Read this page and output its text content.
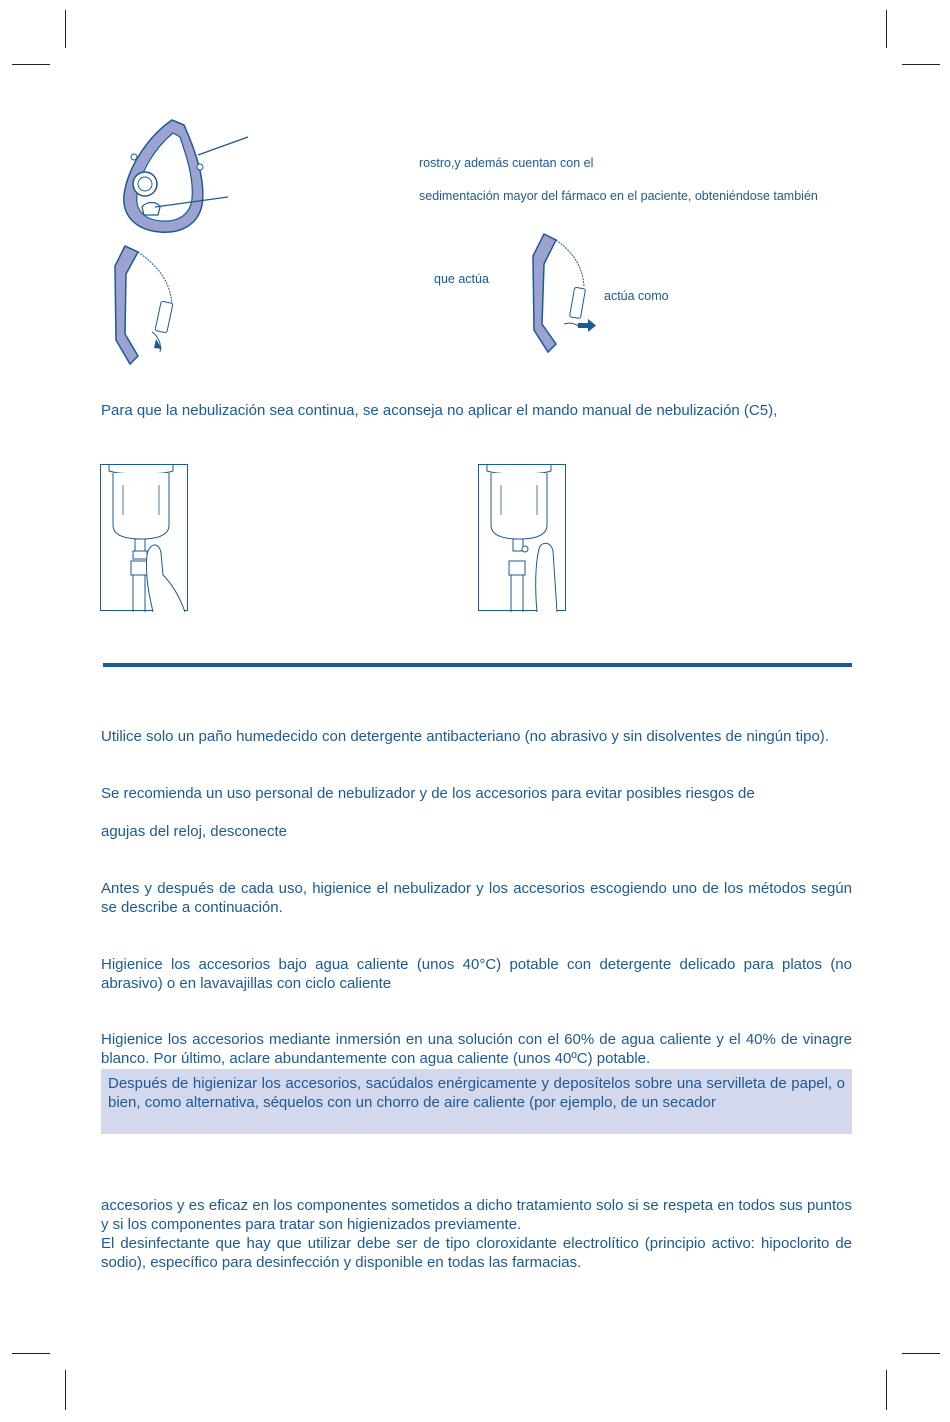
rostro,y además cuentan con el
sedimentación mayor del fármaco en el paciente, obteniéndose también
que actúa
actúa como
Para que la nebulización sea continua, se aconseja no aplicar el mando manual de nebulización (C5),
Utilice solo un paño humedecido con detergente antibacteriano (no abrasivo y sin disolventes de ningún tipo).
Se recomienda un uso personal de nebulizador y de los accesorios para evitar posibles riesgos de
agujas del reloj, desconecte
Antes y después de cada uso, higienice el nebulizador y los accesorios escogiendo uno de los métodos según se describe a continuación.
Higienice los accesorios bajo agua caliente (unos 40°C) potable con detergente delicado para platos (no abrasivo) o en lavavajillas con ciclo caliente
Higienice los accesorios mediante inmersión en una solución con el 60% de agua caliente y el 40% de vinagre blanco. Por último, aclare abundantemente con agua caliente (unos 40ºC) potable.
Después de higienizar los accesorios, sacúdalos enérgicamente y deposítelos sobre una servilleta de papel, o bien, como alternativa, séquelos con un chorro de aire caliente (por ejemplo, de un secador
accesorios y es eficaz en los componentes sometidos a dicho tratamiento solo si se respeta en todos sus puntos y si los componentes para tratar son higienizados previamente.
El desinfectante que hay que utilizar debe ser de tipo cloroxidante electrolítico (principio activo: hipoclorito de sodio), específico para desinfección y disponible en todas las farmacias.
